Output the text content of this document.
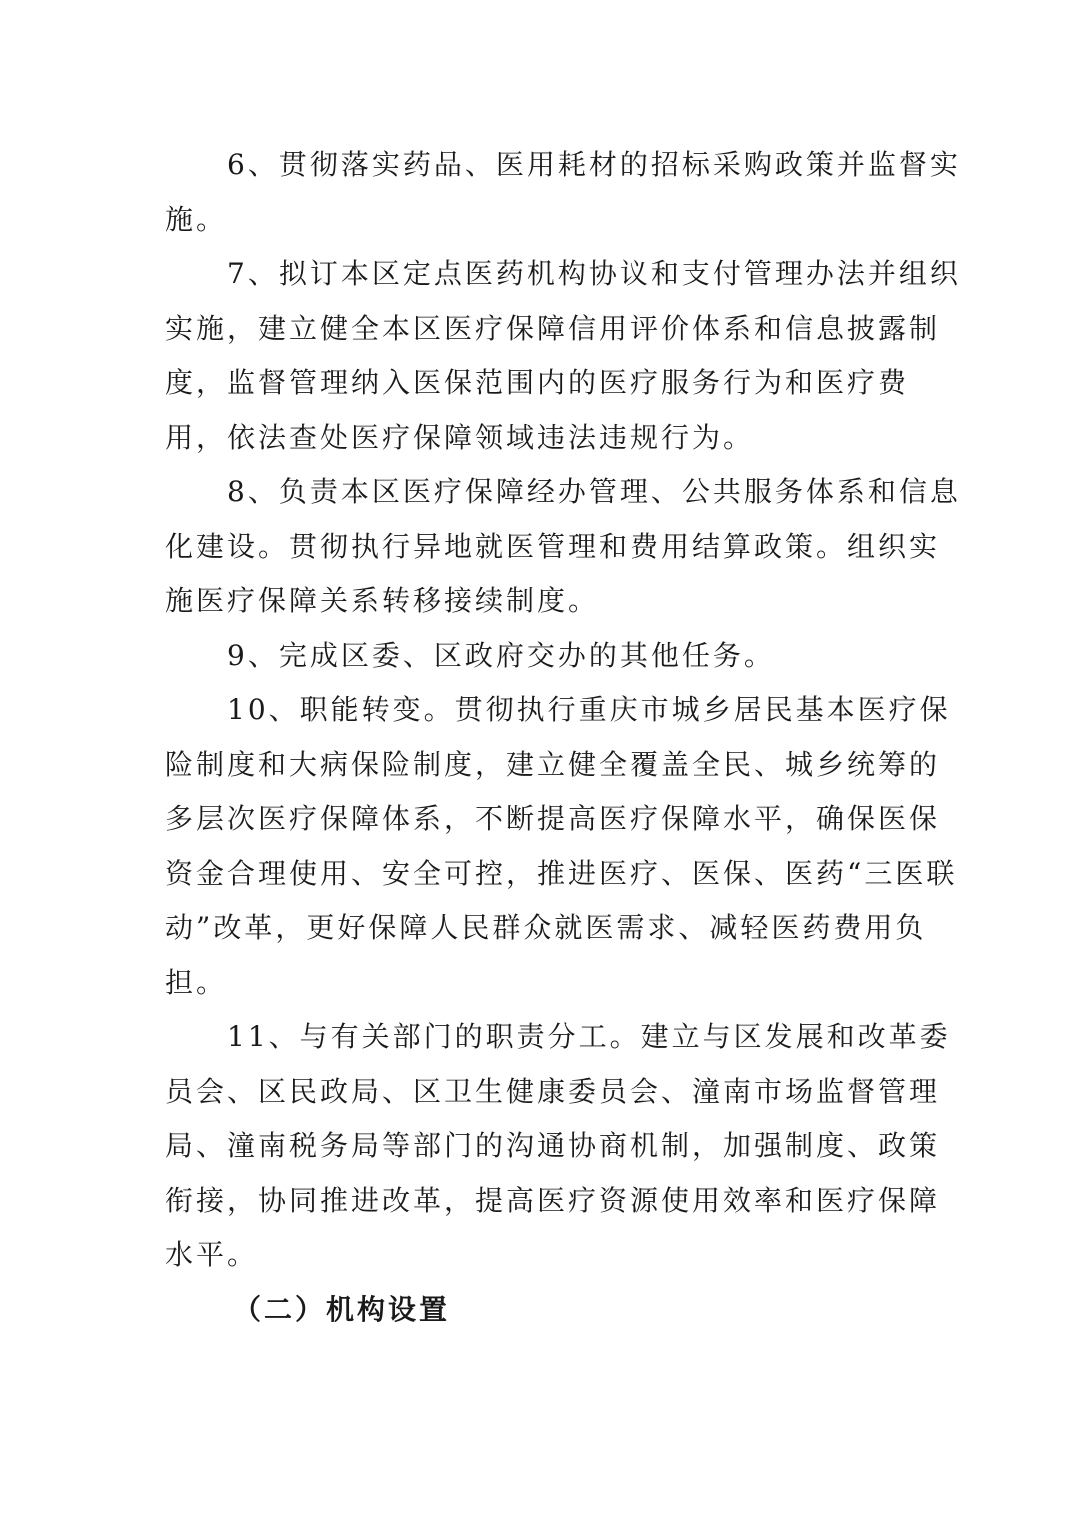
6、贯彻落实药品、医用耗材的招标采购政策并监督实
施。
7、拟订本区定点医药机构协议和支付管理办法并组织
实施，建立健全本区医疗保障信用评价体系和信息披露制
度，监督管理纳入医保范围内的医疗服务行为和医疗费
用，依法查处医疗保障领域违法违规行为。
8、负责本区医疗保障经办管理、公共服务体系和信息
化建设。贯彻执行异地就医管理和费用结算政策。组织实
施医疗保障关系转移接续制度。
9、完成区委、区政府交办的其他任务。
10、职能转变。贯彻执行重庆市城乡居民基本医疗保
险制度和大病保险制度，建立健全覆盖全民、城乡统筹的
多层次医疗保障体系，不断提高医疗保障水平，确保医保
资金合理使用、安全可控，推进医疗、医保、医药“三医联
动”改革，更好保障人民群众就医需求、减轻医药费用负
担。
11、与有关部门的职责分工。建立与区发展和改革委
员会、区民政局、区卫生健康委员会、潼南市场监督管理
局、潼南税务局等部门的沟通协商机制，加强制度、政策
衔接，协同推进改革，提高医疗资源使用效率和医疗保障
水平。
（二）机构设置
